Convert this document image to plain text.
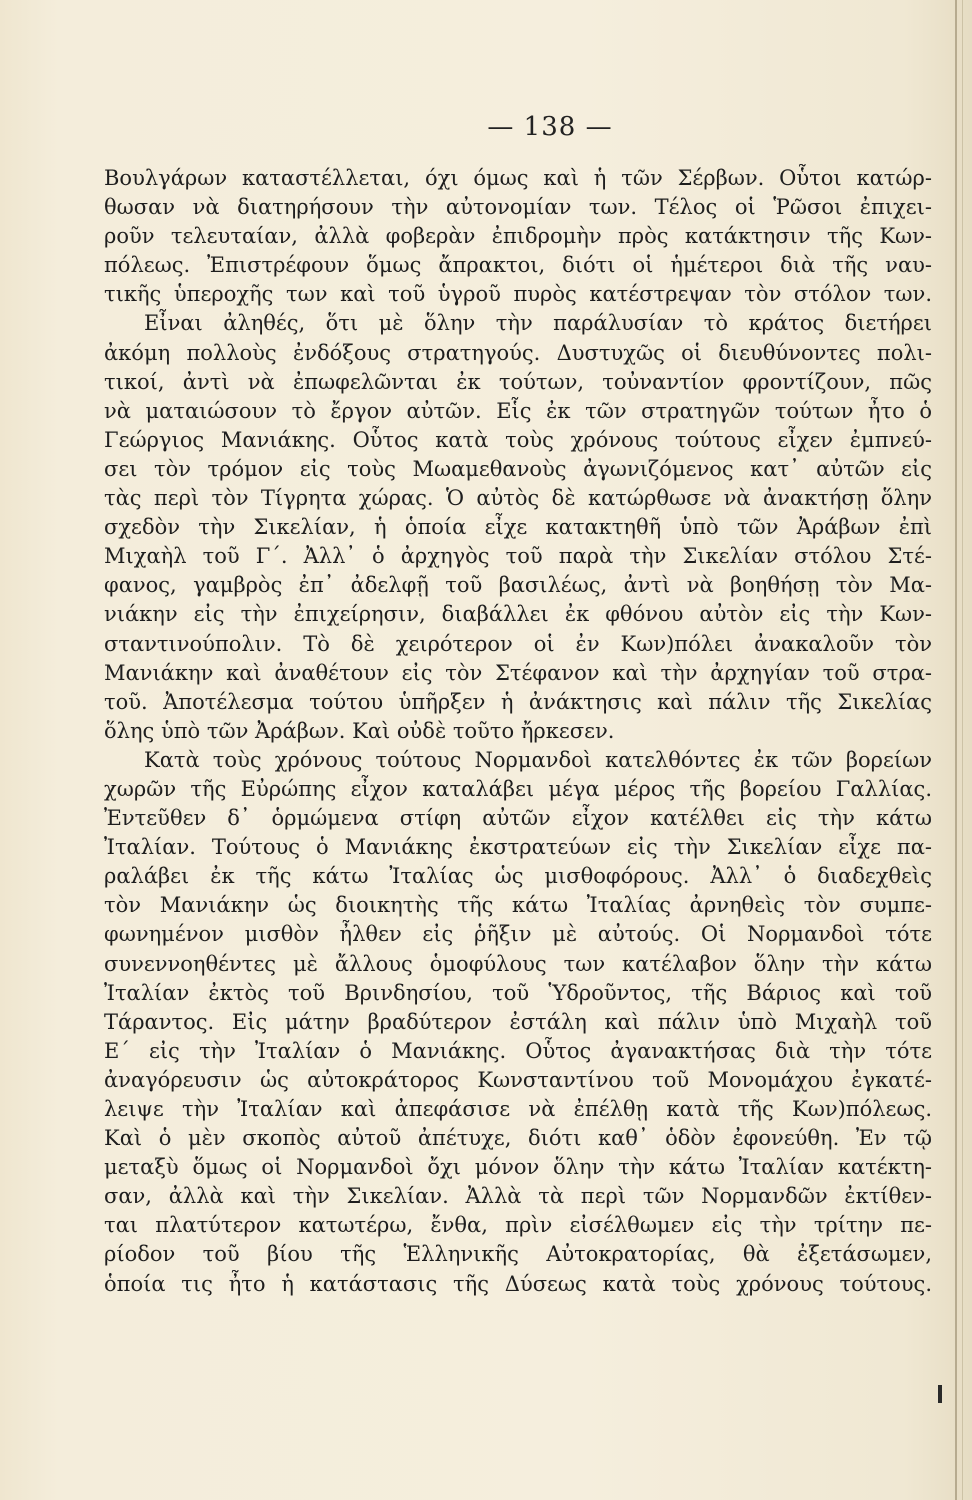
— 138 —
Βουλγάρων καταστέλλεται, όχι όμως καὶ ἡ τῶν Σέρβων. Οὗτοι κατώρ-
θωσαν νὰ διατηρήσουν τὴν αὐτονομίαν των. Τέλος οἱ Ῥῶσοι ἐπιχει-
ροῦν τελευταίαν, ἀλλὰ φοβερὰν ἐπιδρομὴν πρὸς κατάκτησιν τῆς Κων-
πόλεως. Ἐπιστρέφουν ὅμως ἄπρακτοι, διότι οἱ ἡμέτεροι διὰ τῆς ναυ-
τικῆς ὑπεροχῆς των καὶ τοῦ ὑγροῦ πυρὸς κατέστρεψαν τὸν στόλον των.
Εἶναι ἀληθές, ὅτι μὲ ὅλην τὴν παράλυσίαν τὸ κράτος διετήρει
ἀκόμη πολλοὺς ἐνδόξους στρατηγούς. Δυστυχῶς οἱ διευθύνοντες πολι-
τικοί, ἀντὶ νὰ ἐπωφελῶνται ἐκ τούτων, τοὐναντίον φροντίζουν, πῶς
νὰ ματαιώσουν τὸ ἔργον αὐτῶν. Εἷς ἐκ τῶν στρατηγῶν τούτων ἦτο ὁ
Γεώργιος Μανιάκης. Οὗτος κατὰ τοὺς χρόνους τούτους εἶχεν ἐμπνεύ-
σει τὸν τρόμον εἰς τοὺς Μωαμεθανοὺς ἀγωνιζόμενος κατ᾽ αὐτῶν εἰς
τὰς περὶ τὸν Τίγρητα χώρας. Ὁ αὐτὸς δὲ κατώρθωσε νὰ ἀνακτήσῃ ὅλην
σχεδὸν τὴν Σικελίαν, ἡ ὁποία εἶχε κατακτηθῆ ὑπὸ τῶν Ἀράβων ἐπὶ
Μιχαὴλ τοῦ Γ΄. Ἀλλ᾽ ὁ ἀρχηγὸς τοῦ παρὰ τὴν Σικελίαν στόλου Στέ-
φανος, γαμβρὸς ἐπ᾽ ἀδελφῇ τοῦ βασιλέως, ἀντὶ νὰ βοηθήσῃ τὸν Μα-
νιάκην εἰς τὴν ἐπιχείρησιν, διαβάλλει ἐκ φθόνου αὐτὸν εἰς τὴν Κων-
σταντινούπολιν. Τὸ δὲ χειρότερον οἱ ἐν Κων)πόλει ἀνακαλοῦν τὸν
Μανιάκην καὶ ἀναθέτουν εἰς τὸν Στέφανον καὶ τὴν ἀρχηγίαν τοῦ στρα-
τοῦ. Ἀποτέλεσμα τούτου ὑπῆρξεν ἡ ἀνάκτησις καὶ πάλιν τῆς Σικελίας
ὅλης ὑπὸ τῶν Ἀράβων. Καὶ οὐδὲ τοῦτο ἤρκεσεν.
Κατὰ τοὺς χρόνους τούτους Νορμανδοὶ κατελθόντες ἐκ τῶν βορείων
χωρῶν τῆς Εὐρώπης εἶχον καταλάβει μέγα μέρος τῆς βορείου Γαλλίας.
Ἐντεῦθεν δ᾽ ὁρμώμενα στίφη αὐτῶν εἶχον κατέλθει εἰς τὴν κάτω
Ἰταλίαν. Τούτους ὁ Μανιάκης ἐκστρατεύων εἰς τὴν Σικελίαν εἶχε πα-
ραλάβει ἐκ τῆς κάτω Ἰταλίας ὡς μισθοφόρους. Ἀλλ᾽ ὁ διαδεχθεὶς
τὸν Μανιάκην ὡς διοικητὴς τῆς κάτω Ἰταλίας ἀρνηθεὶς τὸν συμπε-
φωνημένον μισθὸν ἦλθεν εἰς ῥῆξιν μὲ αὐτούς. Οἱ Νορμανδοὶ τότε
συνεννοηθέντες μὲ ἄλλους ὁμοφύλους των κατέλαβον ὅλην τὴν κάτω
Ἰταλίαν ἐκτὸς τοῦ Βρινδησίου, τοῦ Ὑδροῦντος, τῆς Βάριος καὶ τοῦ
Τάραντος. Εἰς μάτην βραδύτερον ἐστάλη καὶ πάλιν ὑπὸ Μιχαὴλ τοῦ
Ε΄ εἰς τὴν Ἰταλίαν ὁ Μανιάκης. Οὗτος ἀγανακτήσας διὰ τὴν τότε
ἀναγόρευσιν ὡς αὐτοκράτορος Κωνσταντίνου τοῦ Μονομάχου ἐγκατέ-
λειψε τὴν Ἰταλίαν καὶ ἀπεφάσισε νὰ ἐπέλθῃ κατὰ τῆς Κων)πόλεως.
Καὶ ὁ μὲν σκοπὸς αὐτοῦ ἀπέτυχε, διότι καθ᾽ ὁδὸν ἐφονεύθη. Ἐν τῷ
μεταξὺ ὅμως οἱ Νορμανδοὶ ὄχι μόνον ὅλην τὴν κάτω Ἰταλίαν κατέκτη-
σαν, ἀλλὰ καὶ τὴν Σικελίαν. Ἀλλὰ τὰ περὶ τῶν Νορμανδῶν ἐκτίθεν-
ται πλατύτερον κατωτέρω, ἔνθα, πρὶν εἰσέλθωμεν εἰς τὴν τρίτην πε-
ρίοδον τοῦ βίου τῆς Ἑλληνικῆς Αὐτοκρατορίας, θὰ ἐξετάσωμεν,
ὁποία τις ἦτο ἡ κατάστασις τῆς Δύσεως κατὰ τοὺς χρόνους τούτους.
